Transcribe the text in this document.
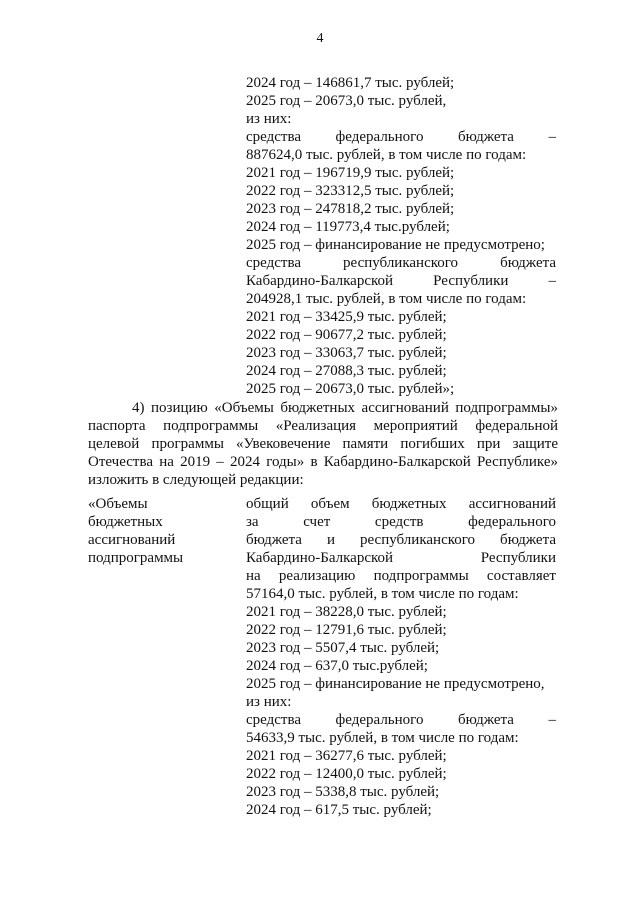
4
2024 год – 146861,7 тыс. рублей;
2025 год – 20673,0 тыс. рублей,
из них:
средства федерального бюджета –
887624,0 тыс. рублей, в том числе по годам:
2021 год – 196719,9 тыс. рублей;
2022 год – 323312,5 тыс. рублей;
2023 год – 247818,2 тыс. рублей;
2024 год – 119773,4 тыс.рублей;
2025 год – финансирование не предусмотрено;
средства республиканского бюджета
Кабардино-Балкарской Республики –
204928,1 тыс. рублей, в том числе по годам:
2021 год – 33425,9 тыс. рублей;
2022 год – 90677,2 тыс. рублей;
2023 год – 33063,7 тыс. рублей;
2024 год – 27088,3 тыс. рублей;
2025 год – 20673,0 тыс. рублей»;
4) позицию «Объемы бюджетных ассигнований подпрограммы»
паспорта подпрограммы «Реализация мероприятий федеральной
целевой программы «Увековечение памяти погибших при защите
Отечества на 2019 – 2024 годы» в Кабардино-Балкарской Республике»
изложить в следующей редакции:
«Объемы
бюджетных
ассигнований
подпрограммы
общий объем бюджетных ассигнований
за счет средств федерального
бюджета и республиканского бюджета
Кабардино-Балкарской Республики
на реализацию подпрограммы составляет
57164,0 тыс. рублей, в том числе по годам:
2021 год – 38228,0 тыс. рублей;
2022 год – 12791,6 тыс. рублей;
2023 год – 5507,4 тыс. рублей;
2024 год – 637,0 тыс.рублей;
2025 год – финансирование не предусмотрено,
из них:
средства федерального бюджета –
54633,9 тыс. рублей, в том числе по годам:
2021 год – 36277,6 тыс. рублей;
2022 год – 12400,0 тыс. рублей;
2023 год – 5338,8 тыс. рублей;
2024 год – 617,5 тыс. рублей;
